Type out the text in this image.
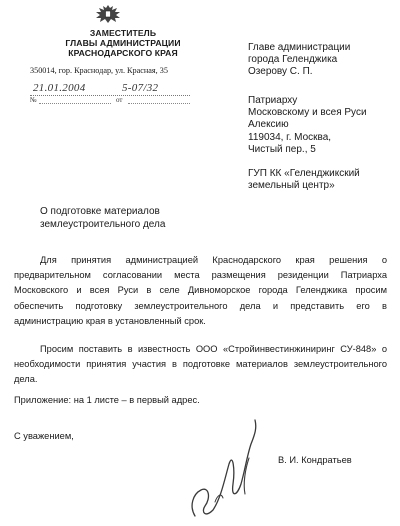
ЗАМЕСТИТЕЛЬ
ГЛАВЫ АДМИНИСТРАЦИИ
КРАСНОДАРСКОГО КРАЯ
350014, гор. Краснодар, ул. Красная, 35
21.01.2004	5-07/32
№	от
Главе администрации
города Геленджика
Озерову С. П.
Патриарху
Московскому и всея Руси
Алексию
119034, г. Москва,
Чистый пер., 5
ГУП КК «Геленджикский
земельный центр»
О подготовке материалов
землеустроительного дела
Для принятия администрацией Краснодарского края решения о предварительном согласовании места размещения резиденции Патриарха Московского и всея Руси в селе Дивноморское города Геленджика просим обеспечить подготовку землеустроительного дела и представить его в администрацию края в установленный срок.
Просим поставить в известность ООО «Стройинвестинжиниринг СУ-848» о необходимости принятия участия в подготовке материалов землеустроительного дела.
Приложение: на 1 листе – в первый адрес.
С уважением,
В. И. Кондратьев
